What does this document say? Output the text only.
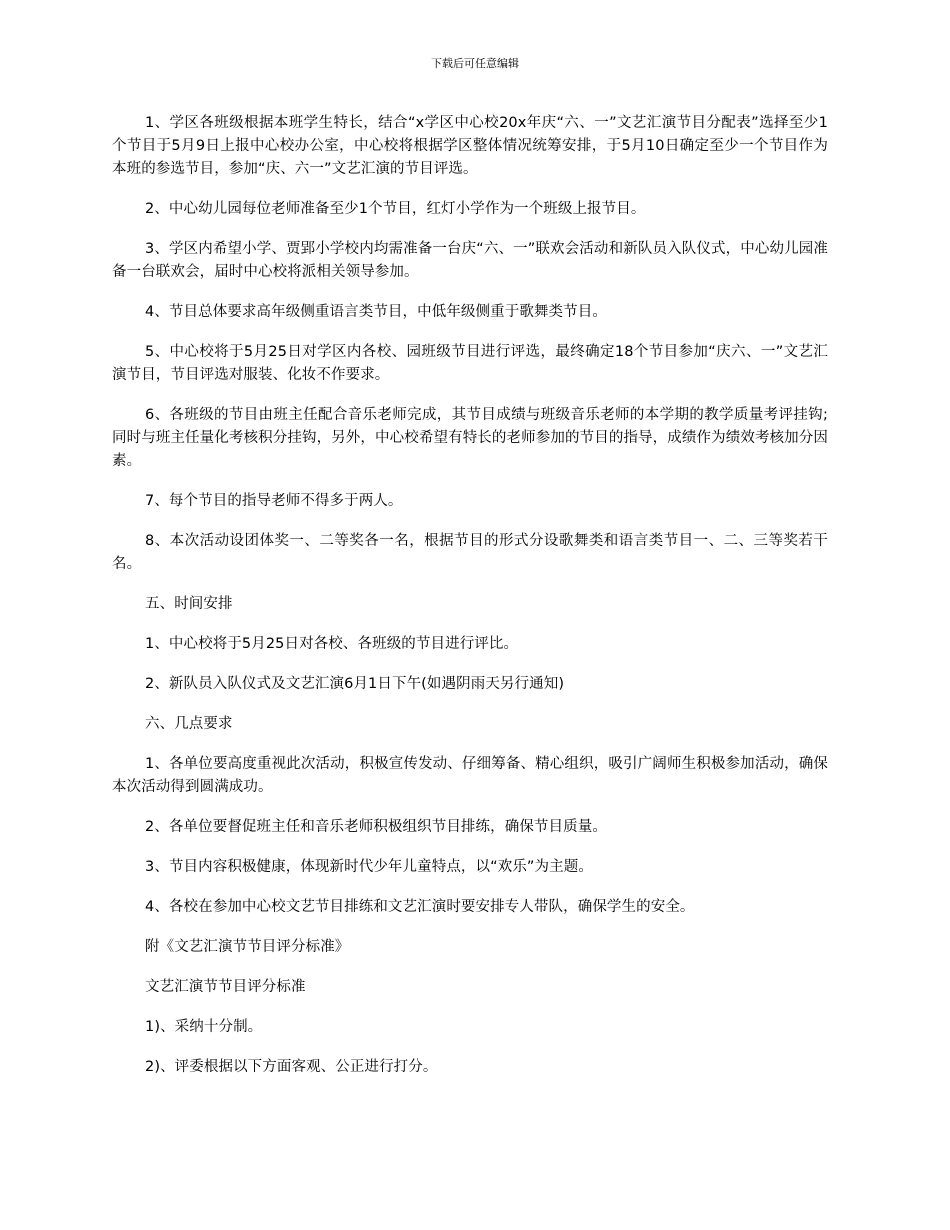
下载后可任意编辑

1、学区各班级根据本班学生特长，结合“x学区中心校20x年庆“六、一”文艺汇演节目分配表”选择至少1个节目于5月9日上报中心校办公室，中心校将根据学区整体情况统筹安排，于5月10日确定至少一个节目作为本班的参选节目，参加“庆、六一”文艺汇演的节目评选。

2、中心幼儿园每位老师准备至少1个节目，红灯小学作为一个班级上报节目。

3、学区内希望小学、贾郢小学校内均需准备一台庆“六、一”联欢会活动和新队员入队仪式，中心幼儿园准备一台联欢会，届时中心校将派相关领导参加。

4、节目总体要求高年级侧重语言类节目，中低年级侧重于歌舞类节目。

5、中心校将于5月25日对学区内各校、园班级节目进行评选，最终确定18个节目参加“庆六、一”文艺汇演节目，节目评选对服装、化妆不作要求。

6、各班级的节目由班主任配合音乐老师完成，其节目成绩与班级音乐老师的本学期的教学质量考评挂钩;同时与班主任量化考核积分挂钩，另外，中心校希望有特长的老师参加的节目的指导，成绩作为绩效考核加分因素。

7、每个节目的指导老师不得多于两人。

8、本次活动设团体奖一、二等奖各一名，根据节目的形式分设歌舞类和语言类节目一、二、三等奖若干名。

五、时间安排

1、中心校将于5月25日对各校、各班级的节目进行评比。

2、新队员入队仪式及文艺汇演6月1日下午(如遇阴雨天另行通知)

六、几点要求

1、各单位要高度重视此次活动，积极宣传发动、仔细筹备、精心组织，吸引广阔师生积极参加活动，确保本次活动得到圆满成功。

2、各单位要督促班主任和音乐老师积极组织节目排练，确保节目质量。

3、节目内容积极健康，体现新时代少年儿童特点，以“欢乐”为主题。

4、各校在参加中心校文艺节目排练和文艺汇演时要安排专人带队，确保学生的安全。

附《文艺汇演节节目评分标准》

文艺汇演节节目评分标准

1)、采纳十分制。

2)、评委根据以下方面客观、公正进行打分。
